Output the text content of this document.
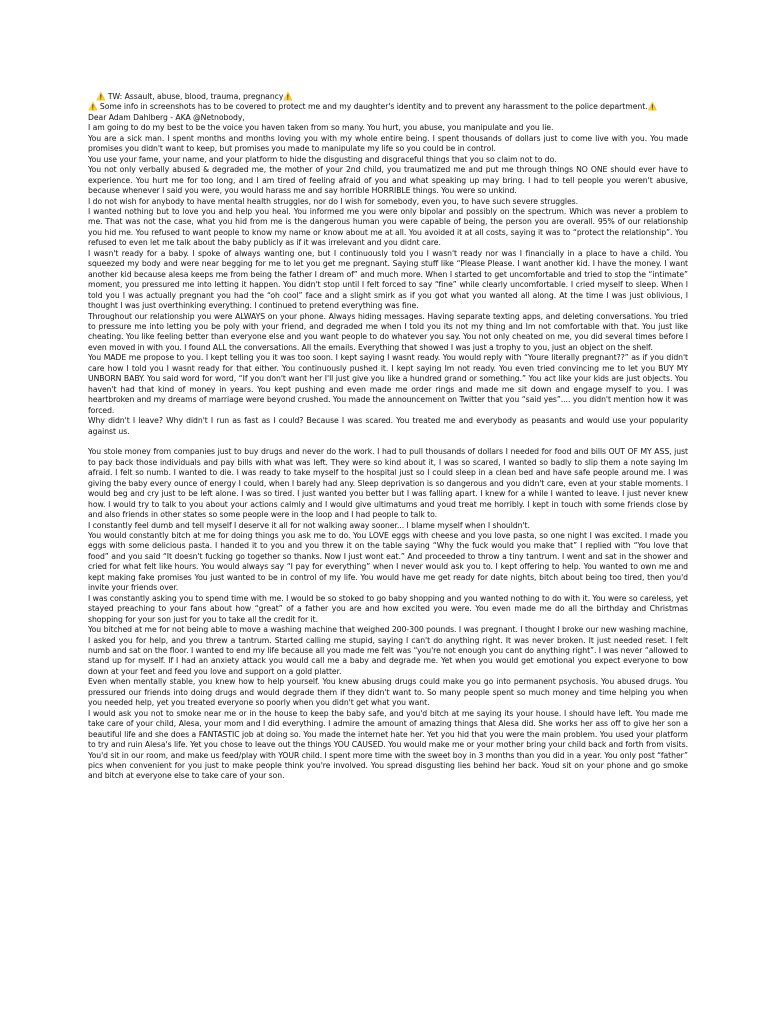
⚠️ TW: Assault, abuse, blood, trauma, pregnancy⚠️

⚠️ Some info in screenshots has to be covered to protect me and my daughter's identity and to prevent any harassment to the police department.⚠️

Dear Adam Dahlberg - AKA @Netnobody,

I am going to do my best to be the voice you haven taken from so many. You hurt, you abuse, you manipulate and you lie.

You are a sick man. I spent months and months loving you with my whole entire being. I spent thousands of dollars just to come live with you. You made promises you didn't want to keep, but promises you made to manipulate my life so you could be in control.

You use your fame, your name, and your platform to hide the disgusting and disgraceful things that you so claim not to do.

You not only verbally abused & degraded me, the mother of your 2nd child, you traumatized me and put me through things NO ONE should ever have to experience. You hurt me for too long, and I am tired of feeling afraid of you and what speaking up may bring. I had to tell people you weren't abusive, because whenever I said you were, you would harass me and say horrible HORRIBLE things. You were so unkind.

I do not wish for anybody to have mental health struggles, nor do I wish for somebody, even you, to have such severe struggles.

I wanted nothing but to love you and help you heal. You informed me you were only bipolar and possibly on the spectrum. Which was never a problem to me. That was not the case, what you hid from me is the dangerous human you were capable of being, the person you are overall. 95% of our relationship you hid me. You refused to want people to know my name or know about me at all. You avoided it at all costs, saying it was to “protect the relationship”. You refused to even let me talk about the baby publicly as if it was irrelevant and you didnt care.

I wasn't ready for a baby. I spoke of always wanting one, but I continuously told you I wasn't ready nor was I financially in a place to have a child. You squeezed my body and were near begging for me to let you get me pregnant. Saying stuff like “Please Please. I want another kid. I have the money. I want another kid because alesa keeps me from being the father I dream of” and much more. When I started to get uncomfortable and tried to stop the “intimate” moment, you pressured me into letting it happen. You didn't stop until I felt forced to say “fine” while clearly uncomfortable. I cried myself to sleep. When I told you I was actually pregnant you had the “oh cool” face and a slight smirk as if you got what you wanted all along. At the time I was just oblivious, I thought I was just overthinking everything. I continued to pretend everything was fine.

Throughout our relationship you were ALWAYS on your phone. Always hiding messages. Having separate texting apps, and deleting conversations. You tried to pressure me into letting you be poly with your friend, and degraded me when I told you its not my thing and Im not comfortable with that. You just like cheating. You like feeling better than everyone else and you want people to do whatever you say. You not only cheated on me, you did several times before I even moved in with you. I found ALL the conversations. All the emails. Everything that showed I was just a trophy to you, just an object on the shelf.

You MADE me propose to you. I kept telling you it was too soon. I kept saying I wasnt ready. You would reply with “Youre literally pregnant??” as if you didn't care how I told you I wasnt ready for that either. You continuously pushed it. I kept saying Im not ready. You even tried convincing me to let you BUY MY UNBORN BABY. You said word for word, “If you don't want her I'll just give you like a hundred grand or something.” You act like your kids are just objects. You haven't had that kind of money in years. You kept pushing and even made me order rings and made me sit down and engage myself to you. I was heartbroken and my dreams of marriage were beyond crushed. You made the announcement on Twitter that you “said yes”.... you didn't mention how it was forced.

Why didn't I leave? Why didn't I run as fast as I could? Because I was scared. You treated me and everybody as peasants and would use your popularity against us.

You stole money from companies just to buy drugs and never do the work. I had to pull thousands of dollars I needed for food and bills OUT OF MY ASS, just to pay back those individuals and pay bills with what was left. They were so kind about it, I was so scared, I wanted so badly to slip them a note saying Im afraid. I felt so numb. I wanted to die. I was ready to take myself to the hospital just so I could sleep in a clean bed and have safe people around me. I was giving the baby every ounce of energy I could, when I barely had any. Sleep deprivation is so dangerous and you didn't care, even at your stable moments. I would beg and cry just to be left alone. I was so tired. I just wanted you better but I was falling apart. I knew for a while I wanted to leave. I just never knew how. I would try to talk to you about your actions calmly and I would give ultimatums and youd treat me horribly. I kept in touch with some friends close by and also friends in other states so some people were in the loop and I had people to talk to.

I constantly feel dumb and tell myself I deserve it all for not walking away sooner... I blame myself when I shouldn't.

You would constantly bitch at me for doing things you ask me to do. You LOVE eggs with cheese and you love pasta, so one night I was excited. I made you eggs with some delicious pasta. I handed it to you and you threw it on the table saying “Why the fuck would you make that” I replied with “You love that food” and you said “It doesn't fucking go together so thanks. Now I just wont eat.” And proceeded to throw a tiny tantrum. I went and sat in the shower and cried for what felt like hours. You would always say “I pay for everything” when I never would ask you to. I kept offering to help. You wanted to own me and kept making fake promises You just wanted to be in control of my life. You would have me get ready for date nights, bitch about being too tired, then you'd invite your friends over.

I was constantly asking you to spend time with me. I would be so stoked to go baby shopping and you wanted nothing to do with it. You were so careless, yet stayed preaching to your fans about how “great” of a father you are and how excited you were. You even made me do all the birthday and Christmas shopping for your son just for you to take all the credit for it.

You bitched at me for not being able to move a washing machine that weighed 200-300 pounds. I was pregnant. I thought I broke our new washing machine, I asked you for help, and you threw a tantrum. Started calling me stupid, saying I can't do anything right. It was never broken. It just needed reset. I felt numb and sat on the floor. I wanted to end my life because all you made me felt was “you're not enough you cant do anything right”. I was never “allowed to stand up for myself. If I had an anxiety attack you would call me a baby and degrade me. Yet when you would get emotional you expect everyone to bow down at your feet and feed you love and support on a gold platter.

Even when mentally stable, you knew how to help yourself. You knew abusing drugs could make you go into permanent psychosis. You abused drugs. You pressured our friends into doing drugs and would degrade them if they didn't want to. So many people spent so much money and time helping you when you needed help, yet you treated everyone so poorly when you didn't get what you want.

I would ask you not to smoke near me or in the house to keep the baby safe, and you'd bitch at me saying its your house. I should have left. You made me take care of your child, Alesa, your mom and I did everything. I admire the amount of amazing things that Alesa did. She works her ass off to give her son a beautiful life and she does a FANTASTIC job at doing so. You made the internet hate her. Yet you hid that you were the main problem. You used your platform to try and ruin Alesa's life. Yet you chose to leave out the things YOU CAUSED. You would make me or your mother bring your child back and forth from visits. You'd sit in our room, and make us feed/play with YOUR child. I spent more time with the sweet boy in 3 months than you did in a year. You only post “father” pics when convenient for you just to make people think you're involved. You spread disgusting lies behind her back. Youd sit on your phone and go smoke and bitch at everyone else to take care of your son.
